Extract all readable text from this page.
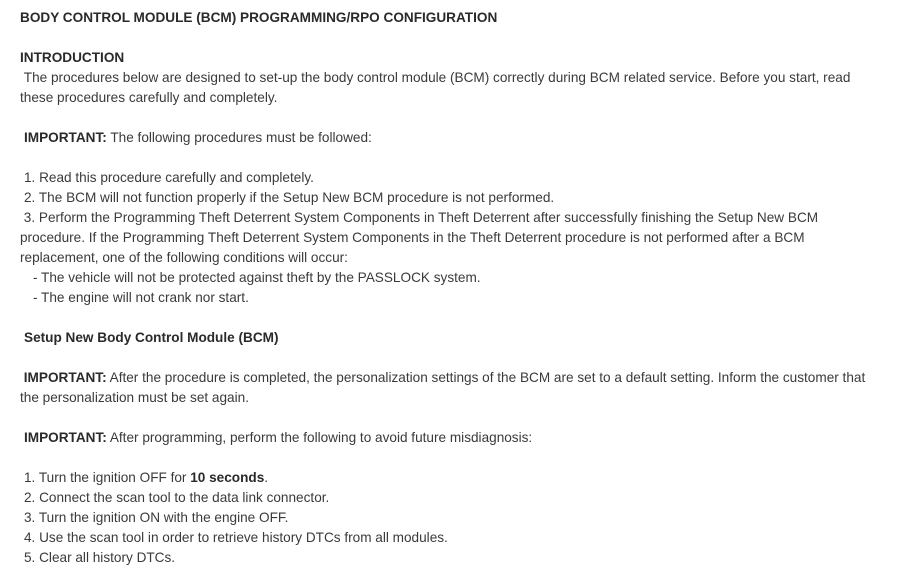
BODY CONTROL MODULE (BCM) PROGRAMMING/RPO CONFIGURATION
INTRODUCTION
The procedures below are designed to set-up the body control module (BCM) correctly during BCM related service. Before you start, read these procedures carefully and completely.
IMPORTANT: The following procedures must be followed:
1. Read this procedure carefully and completely.
2. The BCM will not function properly if the Setup New BCM procedure is not performed.
3. Perform the Programming Theft Deterrent System Components in Theft Deterrent after successfully finishing the Setup New BCM procedure. If the Programming Theft Deterrent System Components in the Theft Deterrent procedure is not performed after a BCM replacement, one of the following conditions will occur:
- The vehicle will not be protected against theft by the PASSLOCK system.
- The engine will not crank nor start.
Setup New Body Control Module (BCM)
IMPORTANT: After the procedure is completed, the personalization settings of the BCM are set to a default setting. Inform the customer that the personalization must be set again.
IMPORTANT: After programming, perform the following to avoid future misdiagnosis:
1. Turn the ignition OFF for 10 seconds.
2. Connect the scan tool to the data link connector.
3. Turn the ignition ON with the engine OFF.
4. Use the scan tool in order to retrieve history DTCs from all modules.
5. Clear all history DTCs.
